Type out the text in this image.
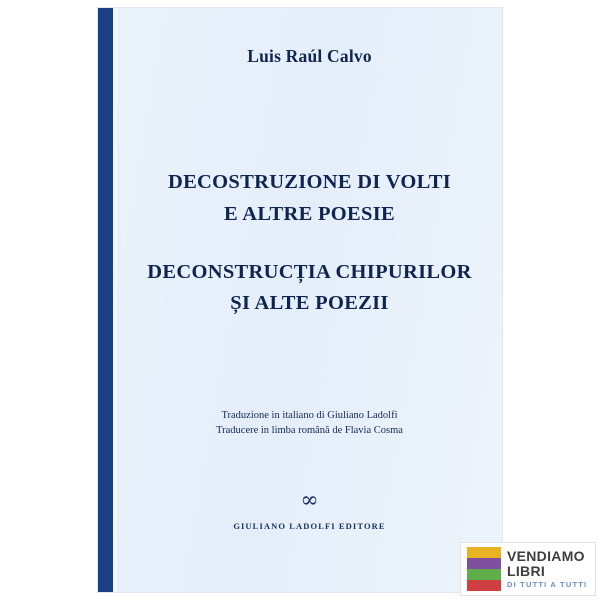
Luis Raúl Calvo
DECOSTRUZIONE DI VOLTI
E ALTRE POESIE
DECONSTRUCȚIA CHIPURILOR
ȘI ALTE POEZII
Traduzione in italiano di Giuliano Ladolfi
Traducere in limba română de Flavia Cosma
∞
GIULIANO LADOLFI EDITORE
VENDIAMO
LIBRI
DI TUTTI A TUTTI
